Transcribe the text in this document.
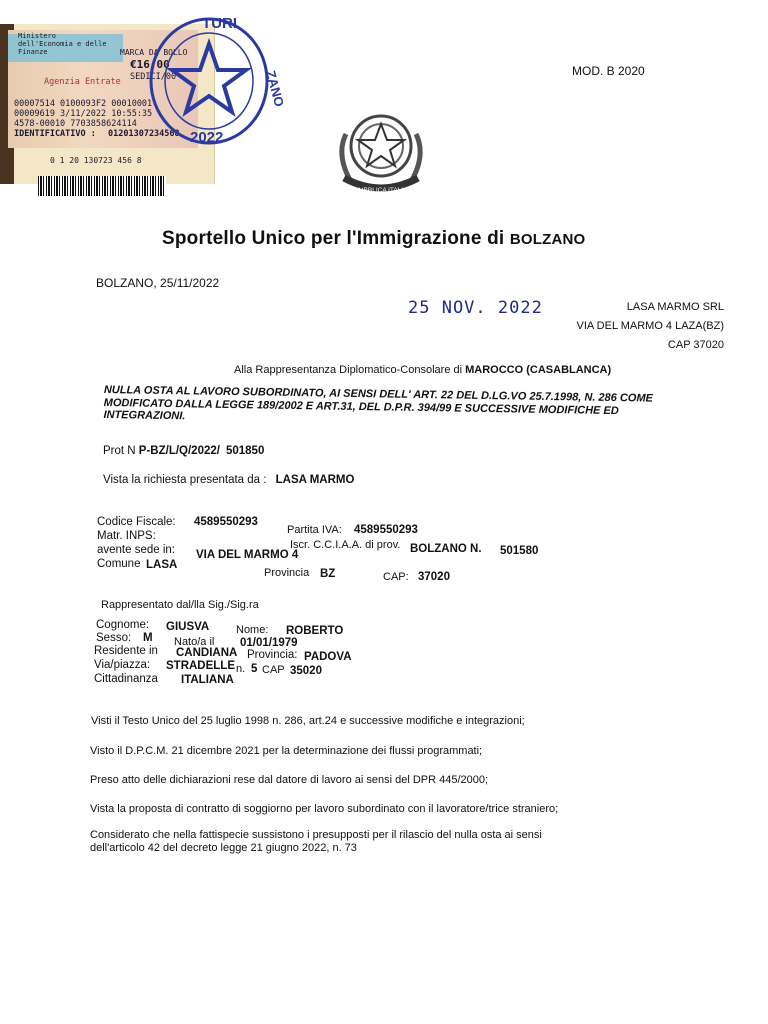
Ministero dell'Economia e delle Finanze	MARCA DA BOLLO
€16,00
SEDICI/00
Agenzia Entrate
00007514 0100093F2 00010001
00009619 3/11/2022 10:55:35
4578-00010 7703858624114
IDENTIFICATIVO : 01201307234568
0 1 20 130723 456 8
TURI
ZANO
2022
MOD. B 2020
REPUBBLICA ITALIANA
Sportello Unico per l'Immigrazione di BOLZANO
BOLZANO, 25/11/2022
25 NOV. 2022	LASA MARMO SRL
VIA DEL MARMO 4 LAZA(BZ)
CAP 37020
Alla Rappresentanza Diplomatico-Consolare di MAROCCO (CASABLANCA)
NULLA OSTA AL LAVORO SUBORDINATO, AI SENSI DELL' ART. 22 DEL D.LG.VO 25.7.1998, N. 286 COME MODIFICATO DALLA LEGGE 189/2002 E ART.31, DEL D.P.R. 394/99 E SUCCESSIVE MODIFICHE ED INTEGRAZIONI.
Prot N P-BZ/L/Q/2022/ 501850
Vista la richiesta presentata da : LASA MARMO
Codice Fiscale: 4589550293
Partita IVA: 4589550293
Matr. INPS:
Iscr. C.C.I.A.A. di prov. BOLZANO N. 501580
avente sede in: VIA DEL MARMO 4
Comune LASA
Provincia BZ	CAP: 37020
Rappresentato dal/lla Sig./Sig.ra
Cognome: GIUSVA Nome: ROBERTO
Sesso: M Nato/a il 01/01/1979
Residente in CANDIANA Provincia: PADOVA
Via/piazza: STRADELLE n. 5 CAP 35020
Cittadinanza ITALIANA
Visti il Testo Unico del 25 luglio 1998 n. 286, art.24 e successive modifiche e integrazioni;
Visto il D.P.C.M. 21 dicembre 2021 per la determinazione dei flussi programmati;
Preso atto delle dichiarazioni rese dal datore di lavoro ai sensi del DPR 445/2000;
Vista la proposta di contratto di soggiorno per lavoro subordinato con il lavoratore/trice straniero;
Considerato che nella fattispecie sussistono i presupposti per il rilascio del nulla osta ai sensi
dell'articolo 42 del decreto legge 21 giugno 2022, n. 73
